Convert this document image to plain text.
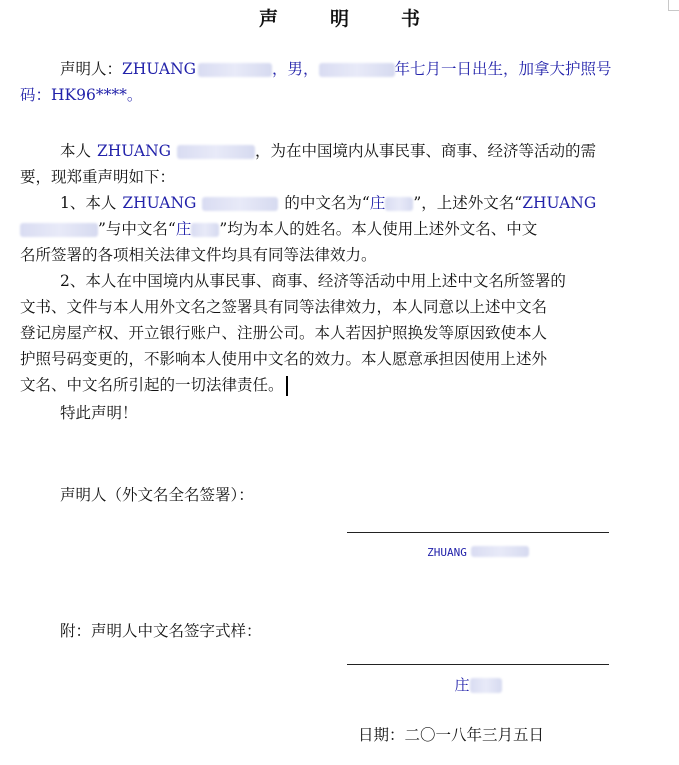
声明书
声明人：ZHUANG	，男，	年七月一日出生，加拿大护照号
码：HK96****。
本人 ZHUANG	，为在中国境内从事民事、商事、经济等活动的需
要，现郑重声明如下：
1、本人 ZHUANG	的中文名为“庄 ”，上述外文名“ZHUANG
”与中文名“庄 ”均为本人的姓名。本人使用上述外文名、中文
名所签署的各项相关法律文件均具有同等法律效力。
2、本人在中国境内从事民事、商事、经济等活动中用上述中文名所签署的
文书、文件与本人用外文名之签署具有同等法律效力，本人同意以上述中文名
登记房屋产权、开立银行账户、注册公司。本人若因护照换发等原因致使本人
护照号码变更的，不影响本人使用中文名的效力。本人愿意承担因使用上述外
文名、中文名所引起的一切法律责任。
特此声明！
声明人（外文名全名签署）：
ZHUANG
附：声明人中文名签字式样：
庄
日期：二〇一八年三月五日
